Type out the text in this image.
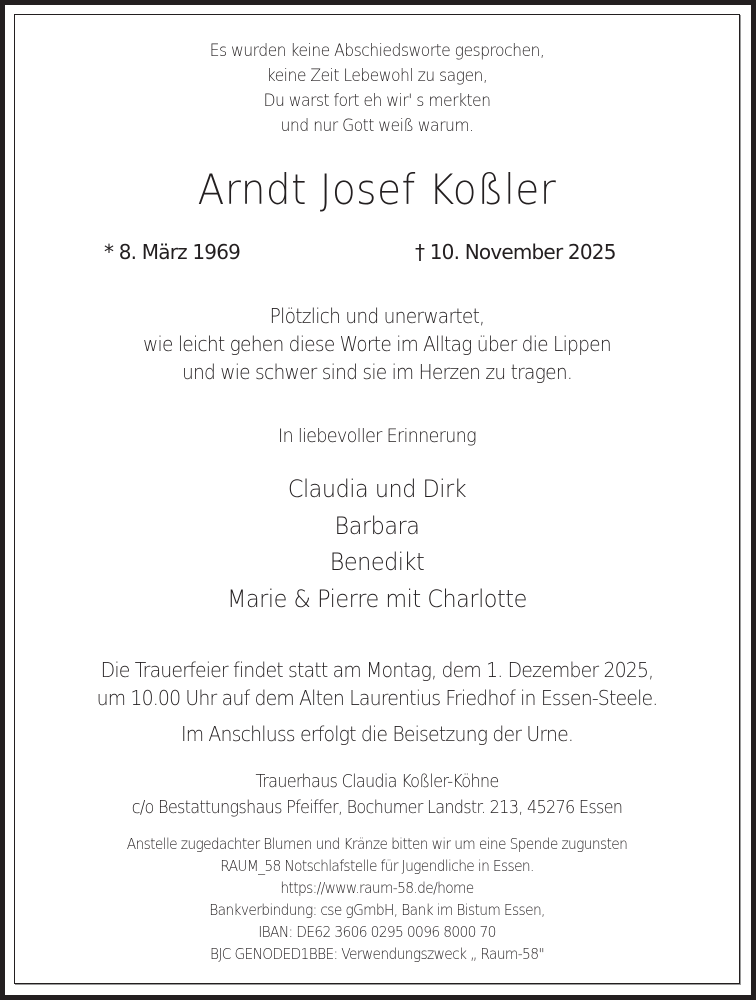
Es wurden keine Abschiedsworte gesprochen,
keine Zeit Lebewohl zu sagen,
Du warst fort eh wir' s merkten
und nur Gott weiß warum.
Arndt Josef Koßler
* 8. März 1969	† 10. November 2025
Plötzlich und unerwartet,
wie leicht gehen diese Worte im Alltag über die Lippen
und wie schwer sind sie im Herzen zu tragen.
In liebevoller Erinnerung
Claudia und Dirk
Barbara
Benedikt
Marie & Pierre mit Charlotte
Die Trauerfeier findet statt am Montag, dem 1. Dezember 2025,
um 10.00 Uhr auf dem Alten Laurentius Friedhof in Essen-Steele.
Im Anschluss erfolgt die Beisetzung der Urne.
Trauerhaus Claudia Koßler-Köhne
c/o Bestattungshaus Pfeiffer, Bochumer Landstr. 213, 45276 Essen
Anstelle zugedachter Blumen und Kränze bitten wir um eine Spende zugunsten
RAUM_58 Notschlafstelle für Jugendliche in Essen.
https://www.raum-58.de/home
Bankverbindung: cse gGmbH, Bank im Bistum Essen,
IBAN: DE62 3606 0295 0096 8000 70
BJC GENODED1BBE: Verwendungszweck „ Raum-58"
